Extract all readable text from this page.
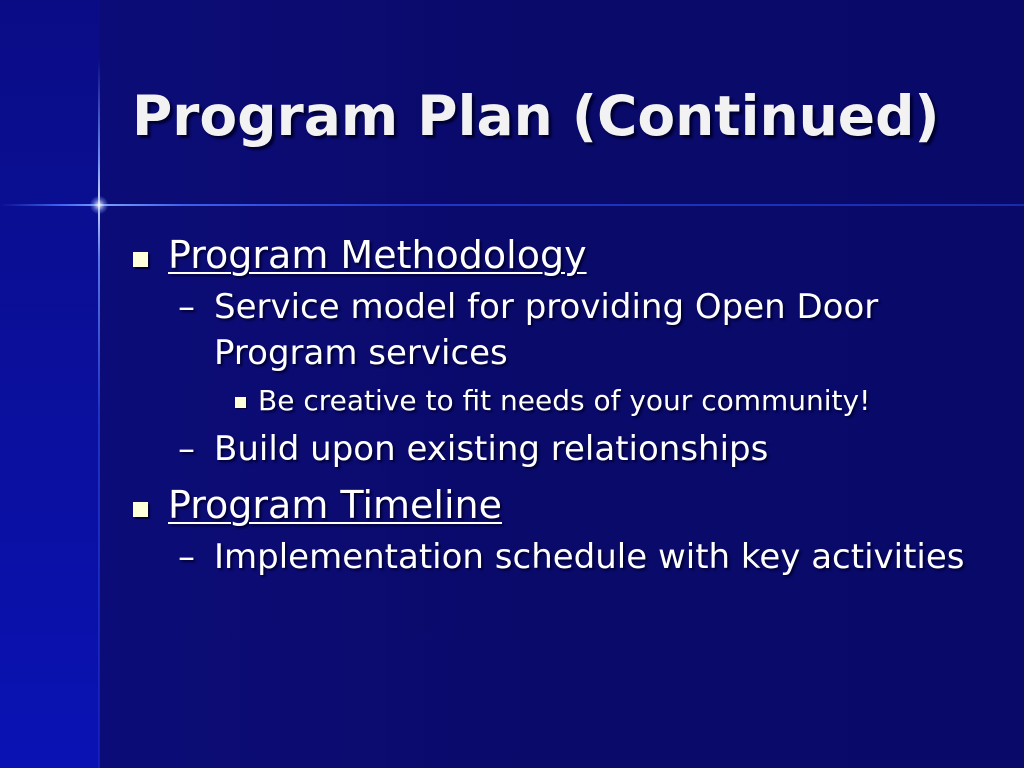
Program Plan (Continued)
Program Methodology
– Service model for providing Open Door Program services
Be creative to fit needs of your community!
– Build upon existing relationships
Program Timeline
– Implementation schedule with key activities
